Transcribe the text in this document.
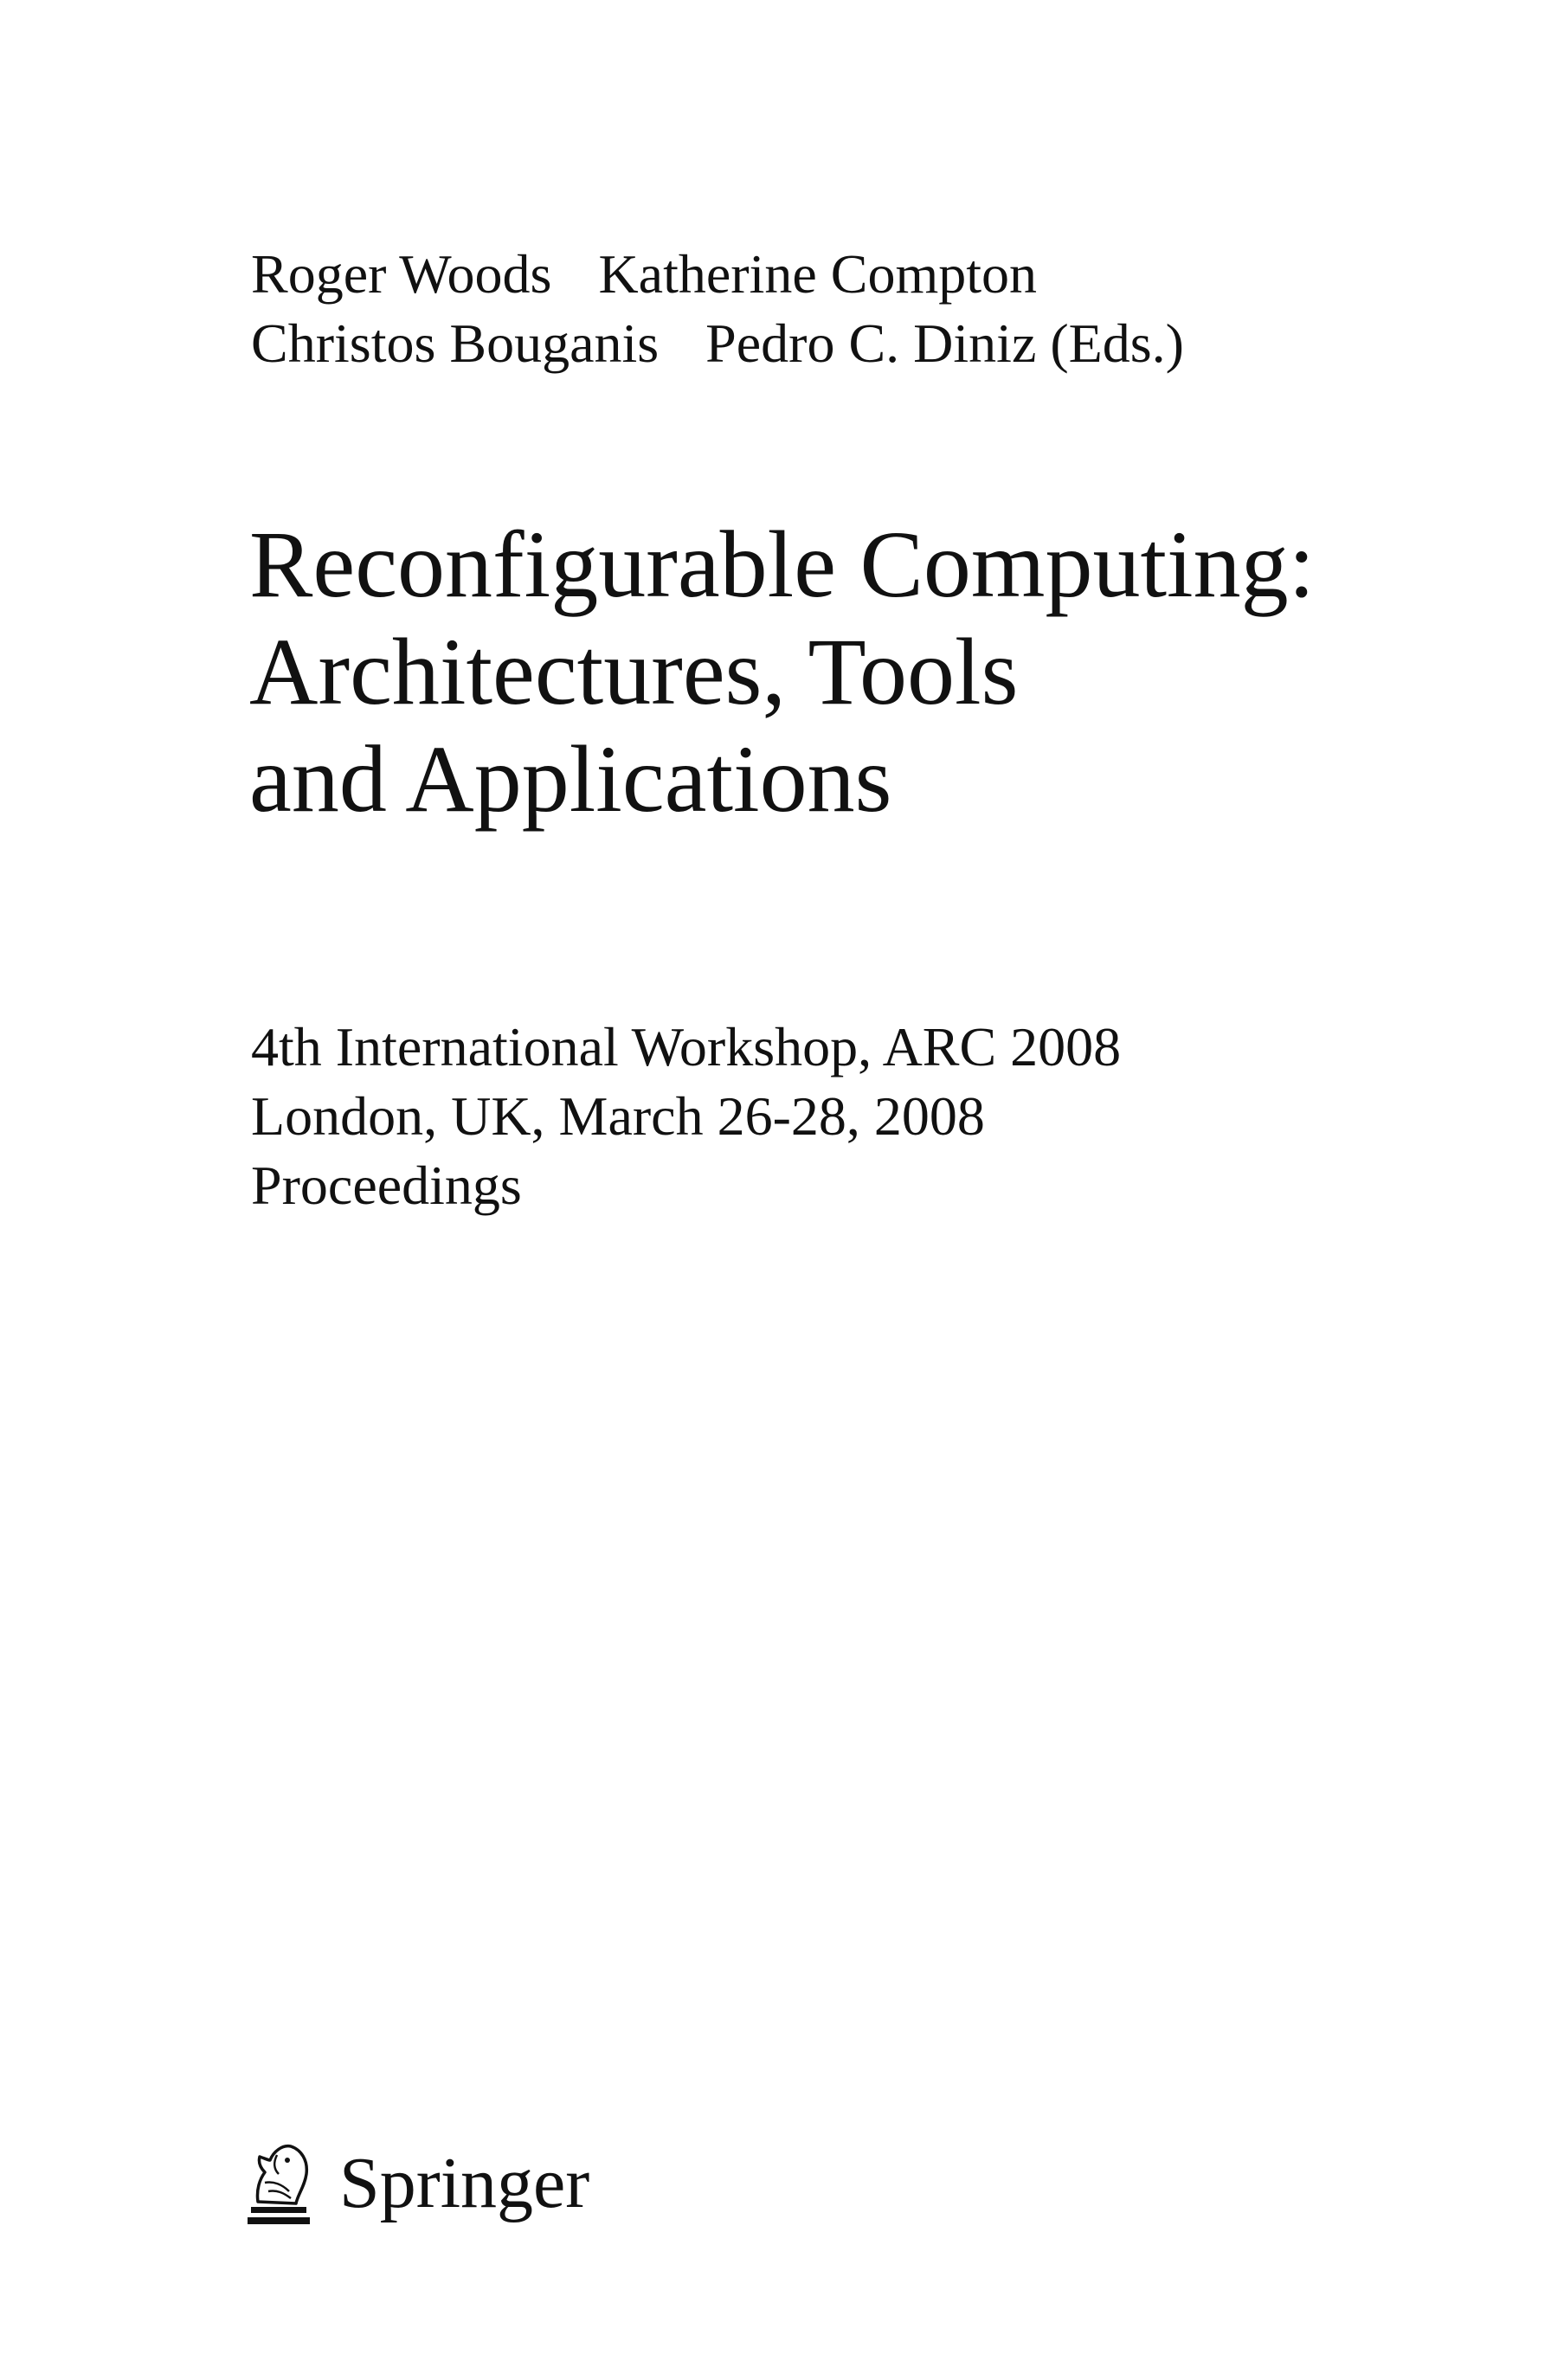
Roger Woods Katherine Compton
Christos Bouganis Pedro C. Diniz (Eds.)
Reconfigurable Computing:
Architectures, Tools
and Applications
4th International Workshop, ARC 2008
London, UK, March 26-28, 2008
Proceedings
Springer
